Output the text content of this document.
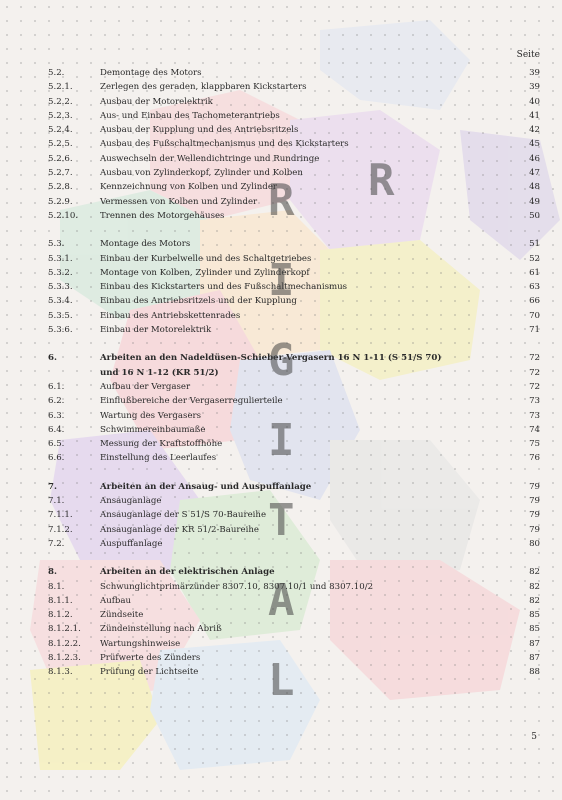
Seite
5.2.	Demontage des Motors	39
5.2.1.	Zerlegen des geraden, klappbaren Kickstarters	39
5.2.2.	Ausbau der Motorelektrik	40
5.2.3.	Aus- und Einbau des Tachometerantriebs	41
5.2.4.	Ausbau der Kupplung und des Antriebsritzels	42
5.2.5.	Ausbau des Fußschaltmechanismus und des Kickstarters	45
5.2.6.	Auswechseln der Wellendichtringe und Rundringe	46
5.2.7.	Ausbau von Zylinderkopf, Zylinder und Kolben	47
5.2.8.	Kennzeichnung von Kolben und Zylinder	48
5.2.9.	Vermessen von Kolben und Zylinder	49
5.2.10.	Trennen des Motorgehäuses	50
5.3.	Montage des Motors	51
5.3.1.	Einbau der Kurbelwelle und des Schaltgetriebes	52
5.3.2.	Montage von Kolben, Zylinder und Zylinderkopf	61
5.3.3.	Einbau des Kickstarters und des Fußschaltmechanismus	63
5.3.4.	Einbau des Antriebsritzels und der Kupplung	66
5.3.5.	Einbau des Antriebskettenrades	70
5.3.6.	Einbau der Motorelektrik	71
6.	Arbeiten an den Nadeldüsen-Schieber-Vergasern 16 N 1-11 (S 51/S 70)	72
und 16 N 1-12 (KR 51/2)	72
6.1.	Aufbau der Vergaser	72
6.2.	Einflußbereiche der Vergaserregulierteile	73
6.3.	Wartung des Vergasers	73
6.4.	Schwimmereinbaumaße	74
6.5.	Messung der Kraftstoffhöhe	75
6.6.	Einstellung des Leerlaufes	76
7.	Arbeiten an der Ansaug- und Auspuffanlage	79
7.1.	Ansauganlage	79
7.1.1.	Ansauganlage der S 51/S 70-Baureihe	79
7.1.2.	Ansauganlage der KR 51/2-Baureihe	79
7.2.	Auspuffanlage	80
8.	Arbeiten an der elektrischen Anlage	82
8.1.	Schwunglichtprimärzünder 8307.10, 8307.10/1 und 8307.10/2	82
8.1.1.	Aufbau	82
8.1.2.	Zündseite	85
8.1.2.1. Zündeinstellung nach Abriß	85
8.1.2.2. Wartungshinweise	87
8.1.2.3. Prüfwerte des Zünders	87
8.1.3.	Prüfung der Lichtseite	88
5
R
I
G
I
T
A
L
R
